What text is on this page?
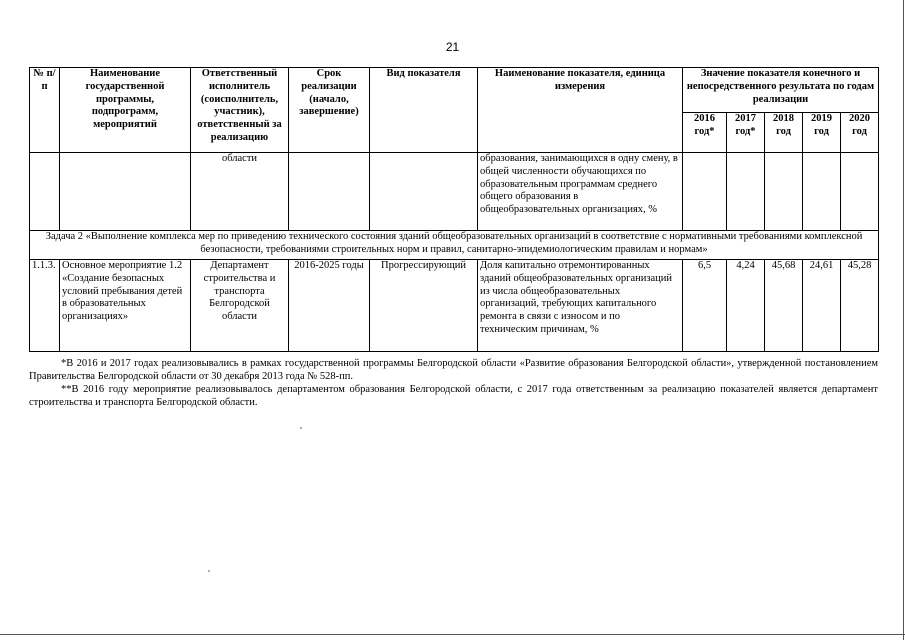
21
№ п/п	Наименование государственной программы, подпрограмм, мероприятий	Ответственный исполнитель (соисполнитель, участник), ответственный за реализацию	Срок реализации (начало, завершение)	Вид показателя	Наименование показателя, единица измерения	Значение показателя конечного и непосредственного результата по годам реализации				
						2016 год*	2017 год*	2018 год	2019 год	2020 год
		области			образования, занимающихся в одну смену, в общей численности обучающихся по образовательным программам среднего общего образования в общеобразовательных организациях, %					
Задача 2 «Выполнение комплекса мер по приведению технического состояния зданий общеобразовательных организаций в соответствие с нормативными требованиями комплексной безопасности, требованиями строительных норм и правил, санитарно-эпидемиологическим правилам и нормам»										
1.1.3.	Основное мероприятие 1.2 «Создание безопасных условий пребывания детей в образовательных организациях»	Департамент строительства и транспорта Белгородской области	2016-2025 годы	Прогрессирующий	Доля капитально отремонтированных зданий общеобразовательных организаций из числа общеобразовательных организаций, требующих капитального ремонта в связи с износом и по техническим причинам, %	6,5	4,24	45,68	24,61	45,28

*В 2016 и 2017 годах реализовывались в рамках государственной программы Белгородской области «Развитие образования Белгородской области», утвержденной постановлением Правительства Белгородской области от 30 декабря 2013 года № 528-пп.

**В 2016 году мероприятие реализовывалось департаментом образования Белгородской области, с 2017 года ответственным за реализацию показателей является департамент строительства и транспорта Белгородской области.
